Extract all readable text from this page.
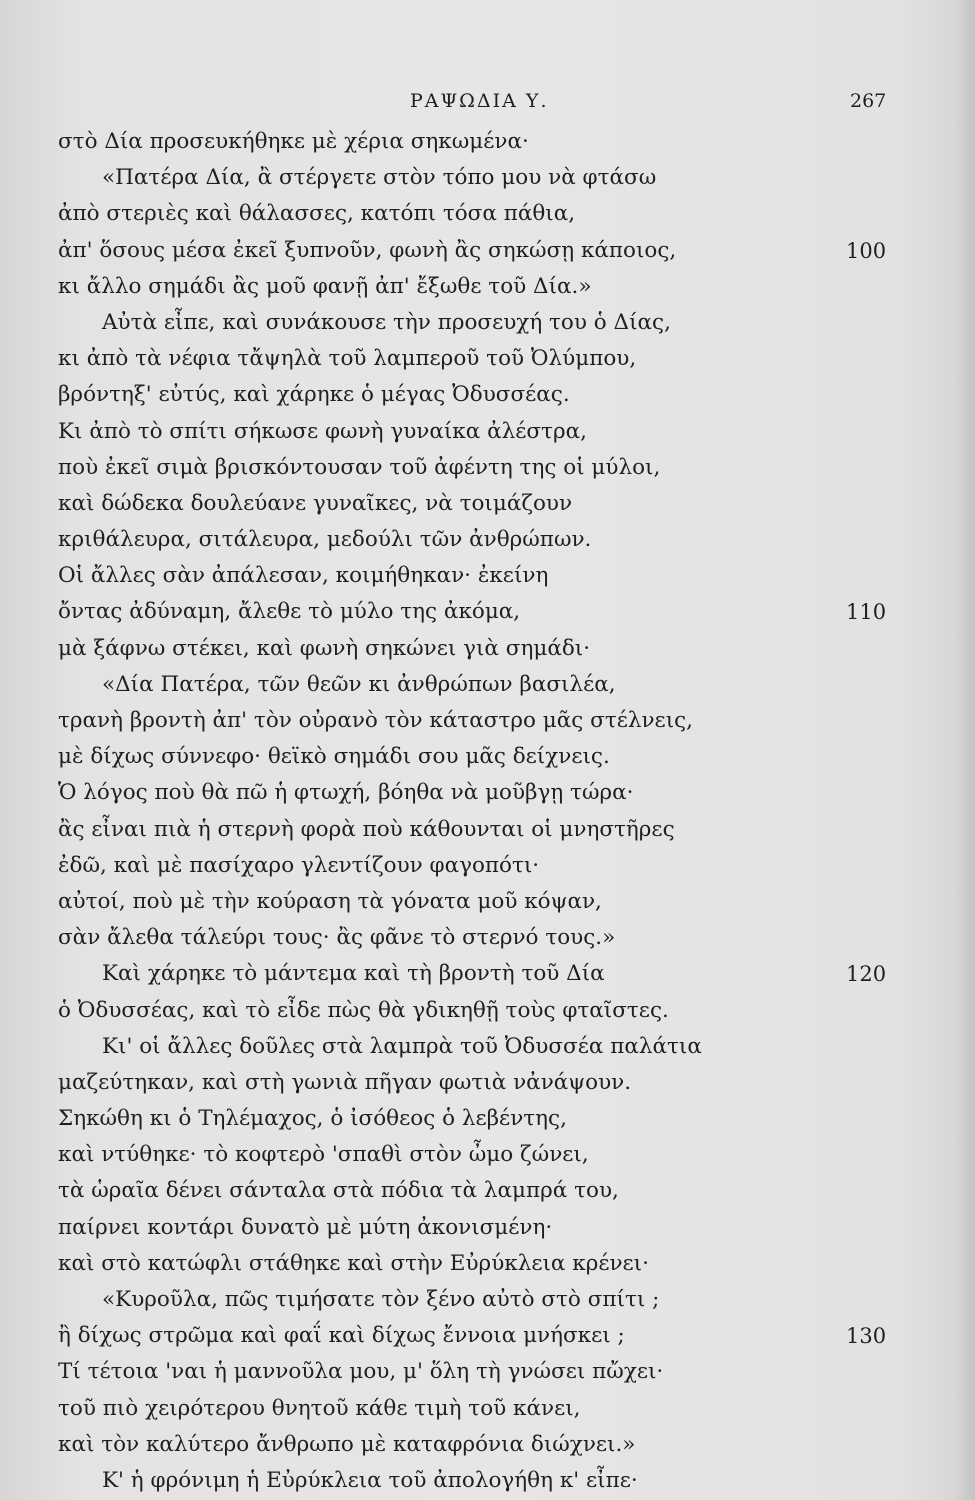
ΡΑΨΩΔΙΑ Υ.	267
στὸ Δία προσευκήθηκε μὲ χέρια σηκωμένα·
«Πατέρα Δία, ἂ στέργετε στὸν τόπο μου νὰ φτάσω
ἀπὸ στεριὲς καὶ θάλασσες, κατόπι τόσα πάθια,
ἀπ' ὅσους μέσα ἐκεῖ ξυπνοῦν, φωνὴ ἂς σηκώσῃ κάποιος,	100
κι ἄλλο σημάδι ἂς μοῦ φανῇ ἀπ' ἔξωθε τοῦ Δία.»
Αὐτὰ εἶπε, καὶ συνάκουσε τὴν προσευχή του ὁ Δίας,
κι ἀπὸ τὰ νέφια τἄψηλὰ τοῦ λαμπεροῦ τοῦ Ὀλύμπου,
βρόντηξ' εὐτύς, καὶ χάρηκε ὁ μέγας Ὀδυσσέας.
Κι ἀπὸ τὸ σπίτι σήκωσε φωνὴ γυναίκα ἀλέστρα,
ποὺ ἐκεῖ σιμὰ βρισκόντουσαν τοῦ ἀφέντη της οἱ μύλοι,
καὶ δώδεκα δουλεύανε γυναῖκες, νὰ τοιμάζουν
κριθάλευρα, σιτάλευρα, μεδούλι τῶν ἀνθρώπων.
Οἱ ἄλλες σὰν ἀπάλεσαν, κοιμήθηκαν· ἐκείνη
ὄντας ἀδύναμη, ἄλεθε τὸ μύλο της ἀκόμα,	110
μὰ ξάφνω στέκει, καὶ φωνὴ σηκώνει γιὰ σημάδι·
«Δία Πατέρα, τῶν θεῶν κι ἀνθρώπων βασιλέα,
τρανὴ βροντὴ ἀπ' τὸν οὐρανὸ τὸν κάταστρο μᾶς στέλνεις,
μὲ δίχως σύννεφο· θεϊκὸ σημάδι σου μᾶς δείχνεις.
Ὁ λόγος ποὺ θὰ πῶ ἡ φτωχή, βόηθα νὰ μοῦβγῃ τώρα·
ἂς εἶναι πιὰ ἡ στερνὴ φορὰ ποὺ κάθουνται οἱ μνηστῆρες
ἐδῶ, καὶ μὲ πασίχαρο γλεντίζουν φαγοπότι·
αὐτοί, ποὺ μὲ τὴν κούραση τὰ γόνατα μοῦ κόψαν,
σὰν ἄλεθα τάλεύρι τους· ἂς φᾶνε τὸ στερνό τους.»
Καὶ χάρηκε τὸ μάντεμα καὶ τὴ βροντὴ τοῦ Δία	120
ὁ Ὀδυσσέας, καὶ τὸ εἶδε πὼς θὰ γδικηθῇ τοὺς φταῖστες.
Κι' οἱ ἄλλες δοῦλες στὰ λαμπρὰ τοῦ Ὀδυσσέα παλάτια
μαζεύτηκαν, καὶ στὴ γωνιὰ πῆγαν φωτιὰ νἀνάψουν.
Σηκώθη κι ὁ Τηλέμαχος, ὁ ἰσόθεος ὁ λεβέντης,
καὶ ντύθηκε· τὸ κοφτερὸ 'σπαθὶ στὸν ὦμο ζώνει,
τὰ ὡραῖα δένει σάνταλα στὰ πόδια τὰ λαμπρά του,
παίρνει κοντάρι δυνατὸ μὲ μύτη ἀκονισμένη·
καὶ στὸ κατώφλι στάθηκε καὶ στὴν Εὐρύκλεια κρένει·
«Κυροῦλα, πῶς τιμήσατε τὸν ξένο αὐτὸ στὸ σπίτι ;
ἢ δίχως στρῶμα καὶ φαΐ καὶ δίχως ἔννοια μνήσκει ;	130
Τί τέτοια 'ναι ἡ μαννοῦλα μου, μ' ὅλη τὴ γνώσει πὤχει·
τοῦ πιὸ χειρότερου θνητοῦ κάθε τιμὴ τοῦ κάνει,
καὶ τὸν καλύτερο ἄνθρωπο μὲ καταφρόνια διώχνει.»
Κ' ἡ φρόνιμη ἡ Εὐρύκλεια τοῦ ἀπολογήθη κ' εἶπε·
